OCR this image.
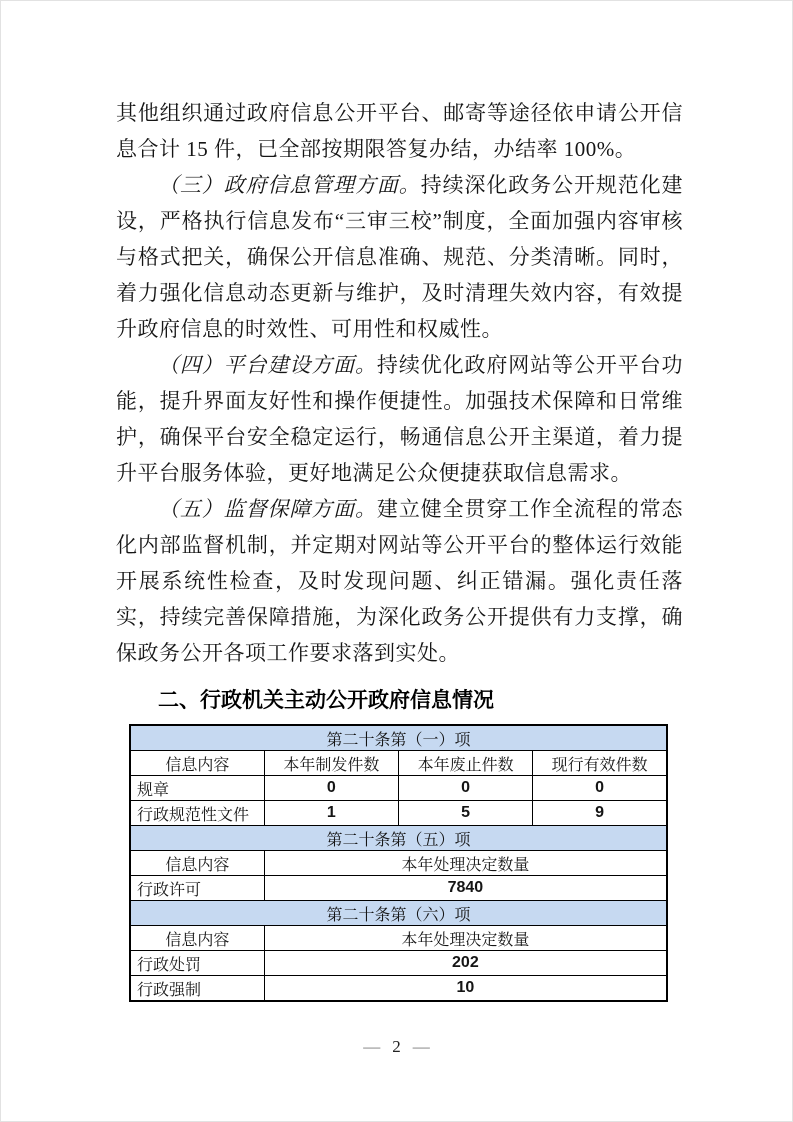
其他组织通过政府信息公开平台、邮寄等途径依申请公开信息合计 15 件，已全部按期限答复办结，办结率 100%。

（三）政府信息管理方面。持续深化政务公开规范化建设，严格执行信息发布“三审三校”制度，全面加强内容审核与格式把关，确保公开信息准确、规范、分类清晰。同时，着力强化信息动态更新与维护，及时清理失效内容，有效提升政府信息的时效性、可用性和权威性。

（四）平台建设方面。持续优化政府网站等公开平台功能，提升界面友好性和操作便捷性。加强技术保障和日常维护，确保平台安全稳定运行，畅通信息公开主渠道，着力提升平台服务体验，更好地满足公众便捷获取信息需求。

（五）监督保障方面。建立健全贯穿工作全流程的常态化内部监督机制，并定期对网站等公开平台的整体运行效能开展系统性检查，及时发现问题、纠正错漏。强化责任落实，持续完善保障措施，为深化政务公开提供有力支撑，确保政务公开各项工作要求落到实处。

二、行政机关主动公开政府信息情况
第二十条第（一）项			
信息内容	本年制发件数	本年废止件数	现行有效件数
规章	0	0	0
行政规范性文件	1	5	9
第二十条第（五）项			
信息内容	本年处理决定数量		
行政许可	7840		
第二十条第（六）项			
信息内容	本年处理决定数量		
行政处罚	202		
行政强制	10		
— 2 —
